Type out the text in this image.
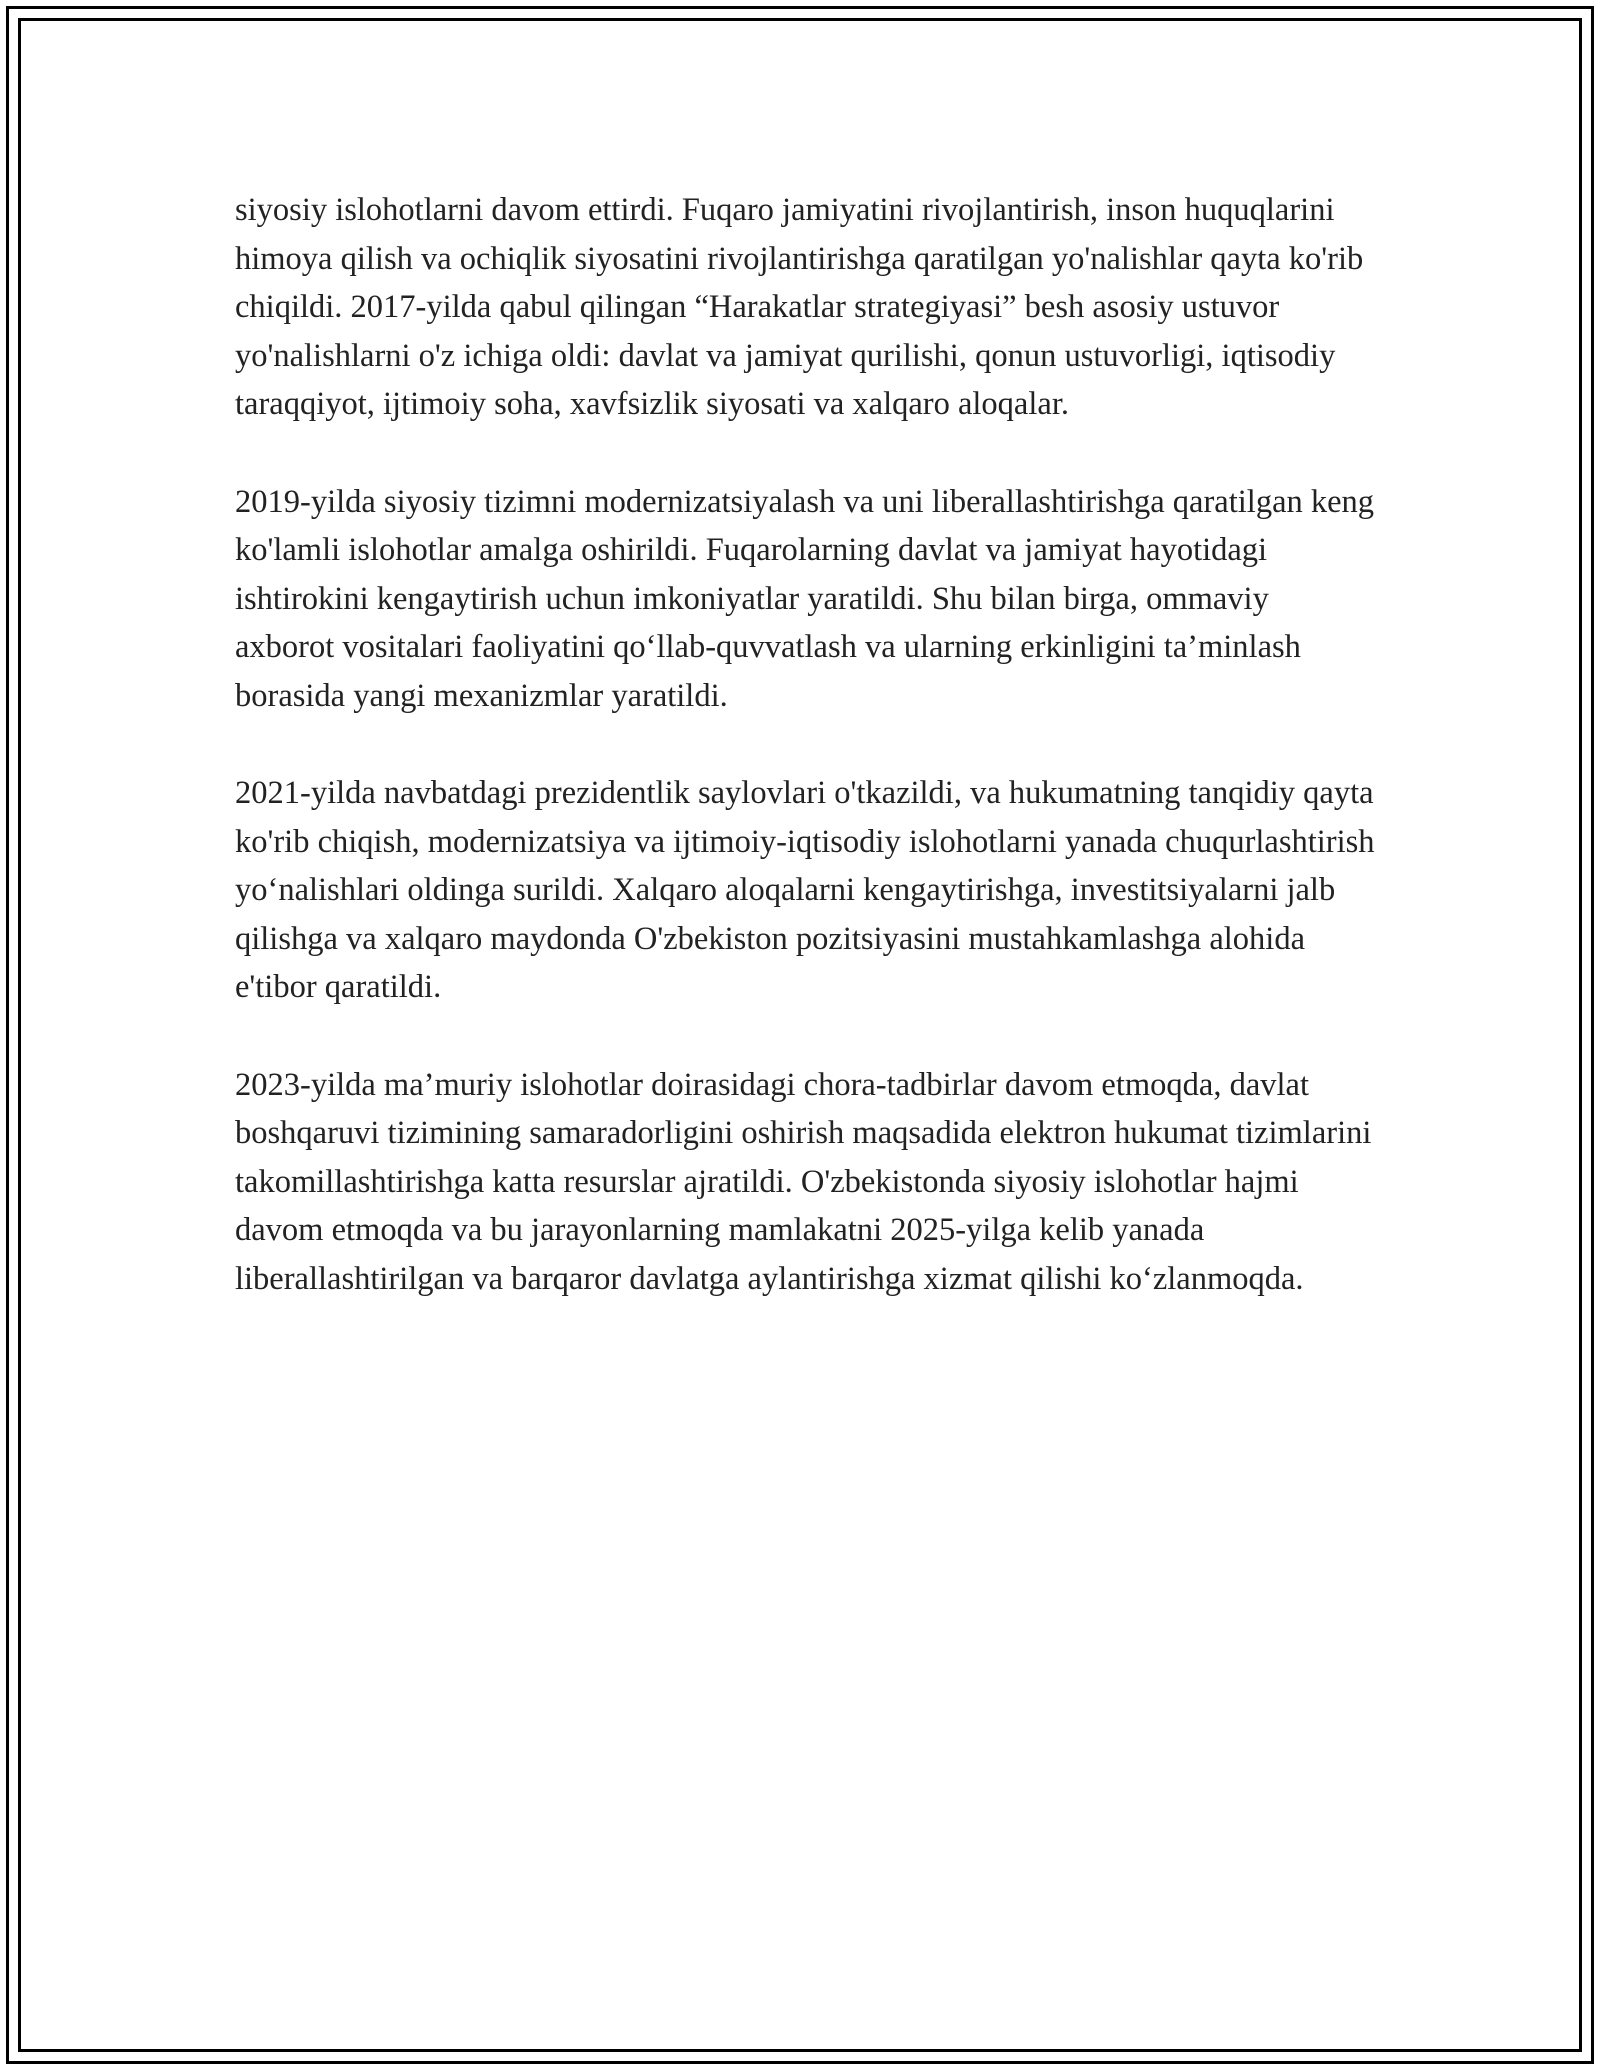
siyosiy islohotlarni davom ettirdi. Fuqaro jamiyatini rivojlantirish, inson huquqlarini himoya qilish va ochiqlik siyosatini rivojlantirishga qaratilgan yo'nalishlar qayta ko'rib chiqildi. 2017-yilda qabul qilingan “Harakatlar strategiyasi” besh asosiy ustuvor yo'nalishlarni o'z ichiga oldi: davlat va jamiyat qurilishi, qonun ustuvorligi, iqtisodiy taraqqiyot, ijtimoiy soha, xavfsizlik siyosati va xalqaro aloqalar.

2019-yilda siyosiy tizimni modernizatsiyalash va uni liberallashtirishga qaratilgan keng ko'lamli islohotlar amalga oshirildi. Fuqarolarning davlat va jamiyat hayotidagi ishtirokini kengaytirish uchun imkoniyatlar yaratildi. Shu bilan birga, ommaviy axborot vositalari faoliyatini qo‘llab-quvvatlash va ularning erkinligini ta’minlash borasida yangi mexanizmlar yaratildi.

2021-yilda navbatdagi prezidentlik saylovlari o'tkazildi, va hukumatning tanqidiy qayta ko'rib chiqish, modernizatsiya va ijtimoiy-iqtisodiy islohotlarni yanada chuqurlashtirish yo‘nalishlari oldinga surildi. Xalqaro aloqalarni kengaytirishga, investitsiyalarni jalb qilishga va xalqaro maydonda O'zbekiston pozitsiyasini mustahkamlashga alohida e'tibor qaratildi.

2023-yilda ma’muriy islohotlar doirasidagi chora-tadbirlar davom etmoqda, davlat boshqaruvi tizimining samaradorligini oshirish maqsadida elektron hukumat tizimlarini takomillashtirishga katta resurslar ajratildi. O'zbekistonda siyosiy islohotlar hajmi davom etmoqda va bu jarayonlarning mamlakatni 2025-yilga kelib yanada liberallashtirilgan va barqaror davlatga aylantirishga xizmat qilishi ko‘zlanmoqda.
